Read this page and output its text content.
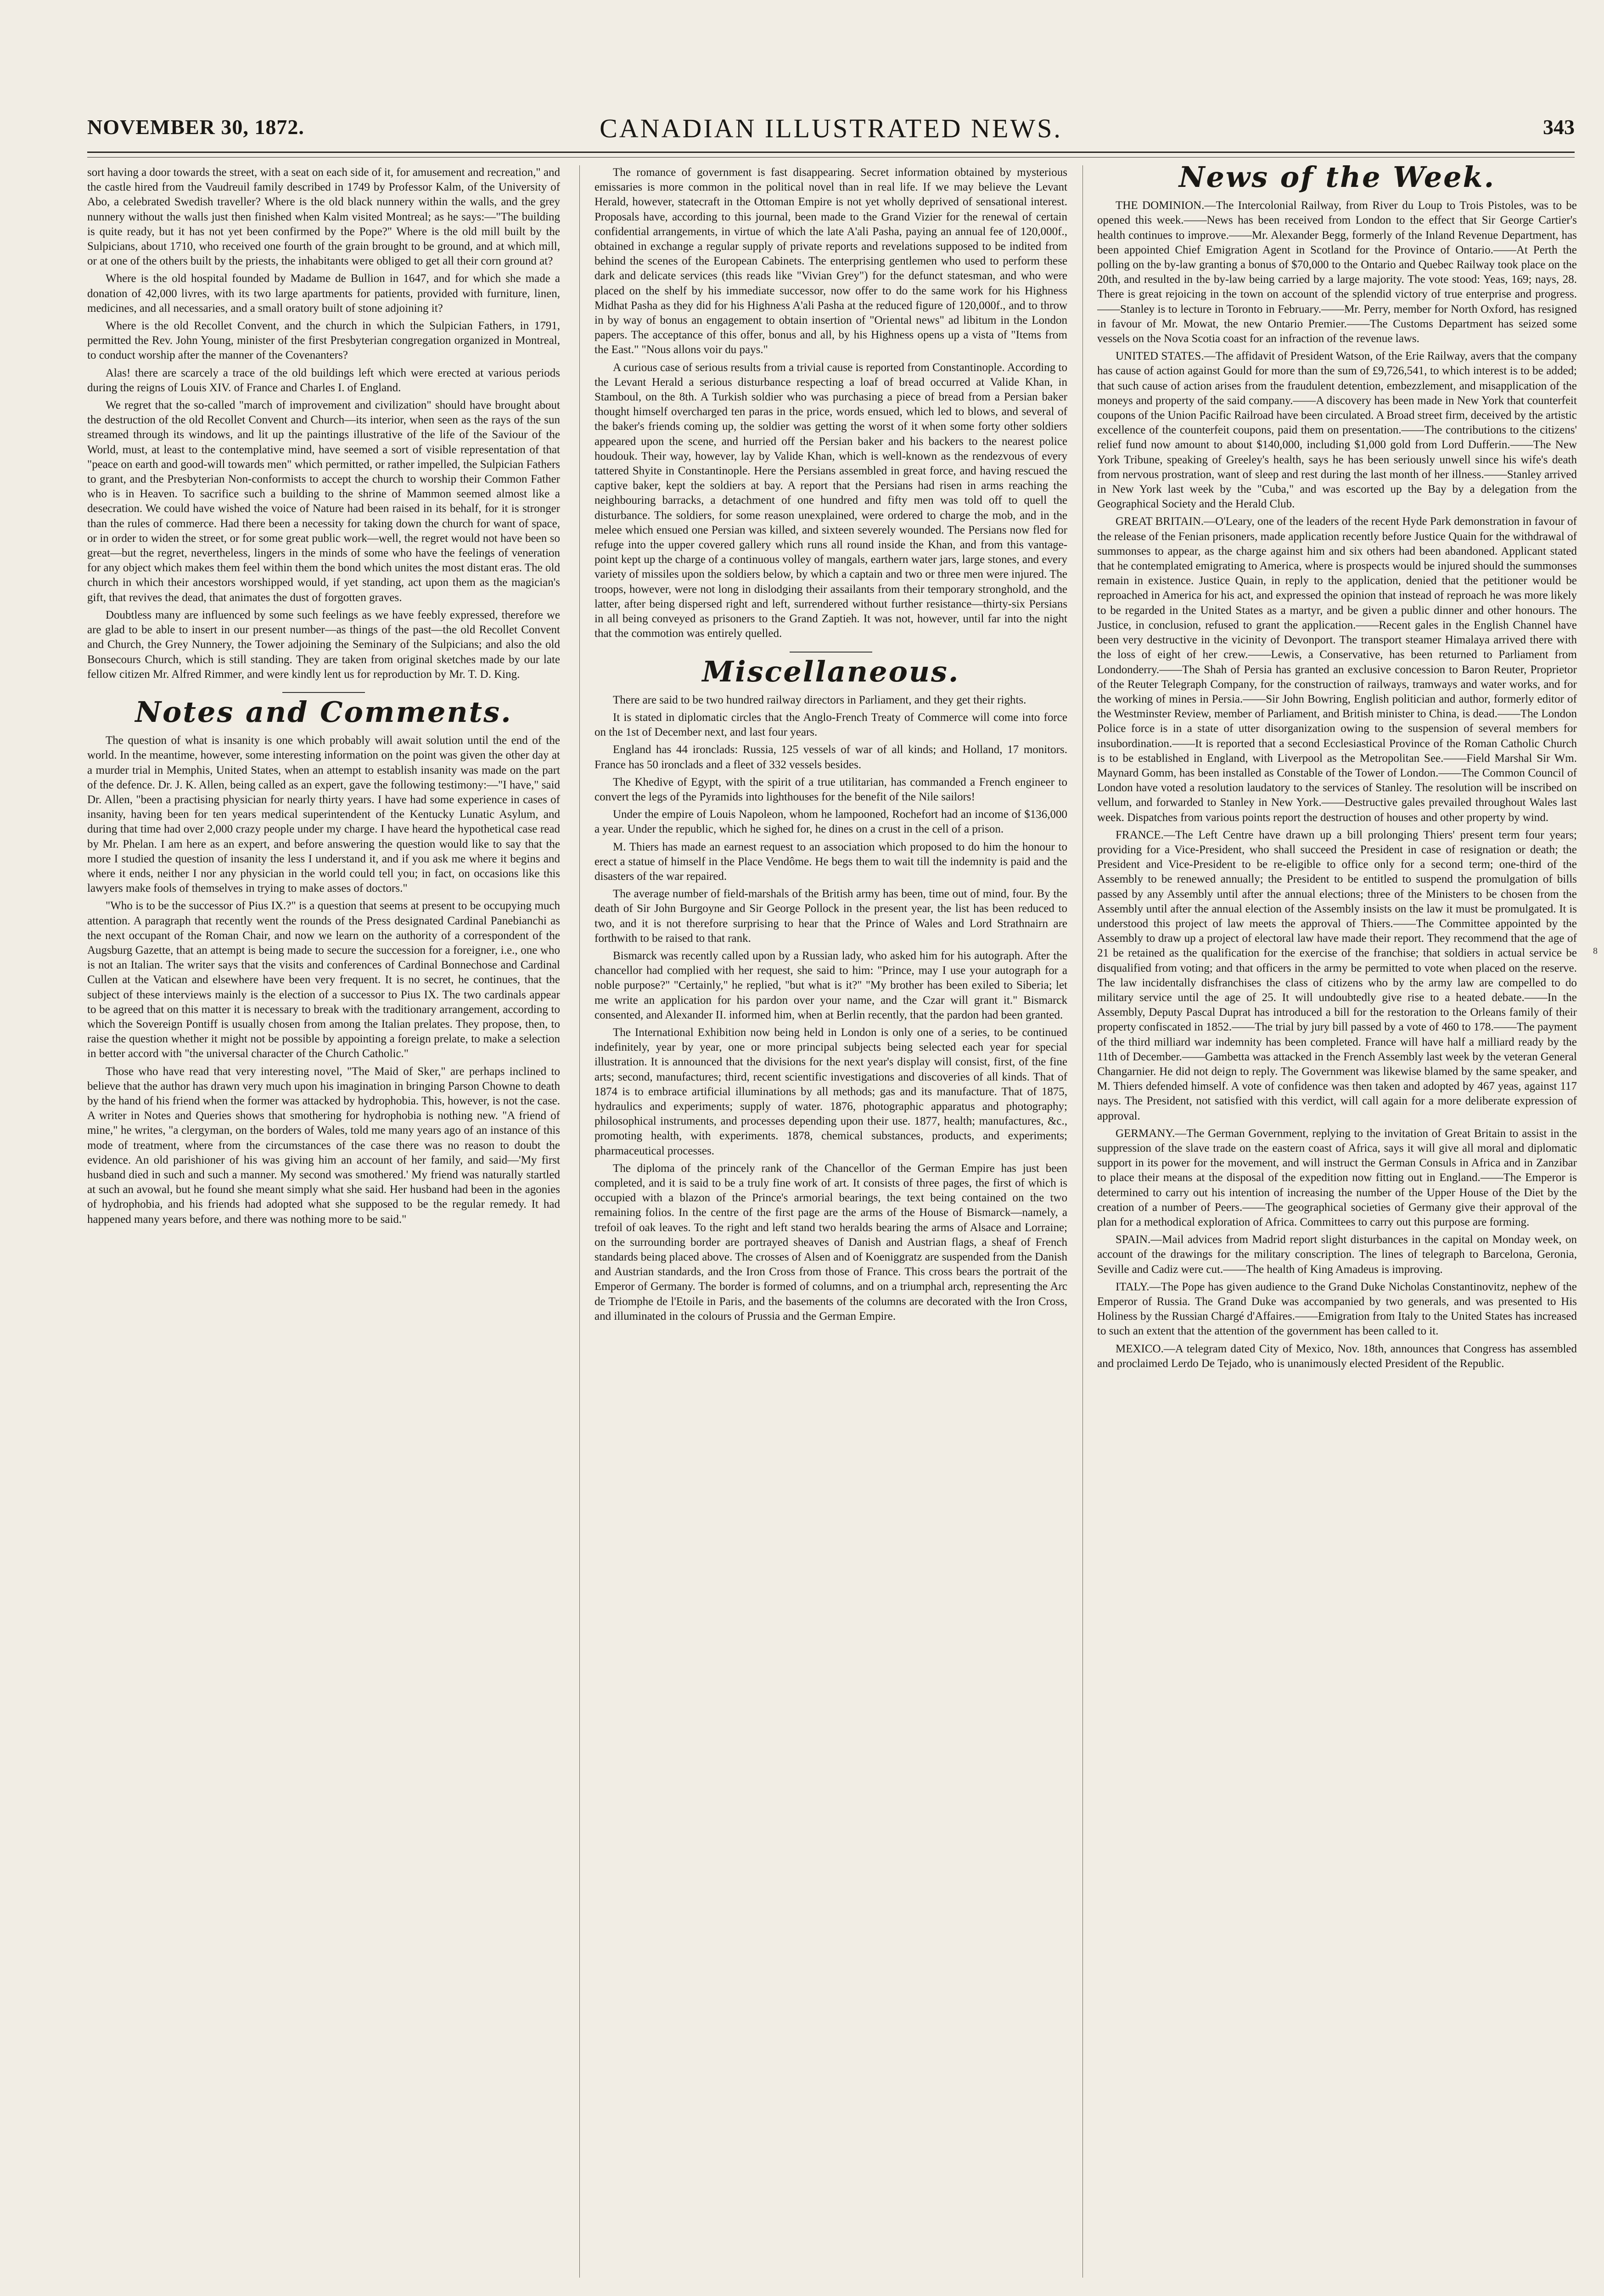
NOVEMBER 30, 1872.	CANADIAN ILLUSTRATED NEWS.	343

sort having a door towards the street, with a seat on each side of it, for amusement and recreation," and the castle hired from the Vaudreuil family described in 1749 by Professor Kalm, of the University of Abo, a celebrated Swedish traveller? Where is the old black nunnery within the walls, and the grey nunnery without the walls just then finished when Kalm visited Montreal; as he says:—"The building is quite ready, but it has not yet been confirmed by the Pope?" Where is the old mill built by the Sulpicians, about 1710, who received one fourth of the grain brought to be ground, and at which mill, or at one of the others built by the priests, the inhabitants were obliged to get all their corn ground at?

Where is the old hospital founded by Madame de Bullion in 1647, and for which she made a donation of 42,000 livres, with its two large apartments for patients, provided with furniture, linen, medicines, and all necessaries, and a small oratory built of stone adjoining it?

Where is the old Recollet Convent, and the church in which the Sulpician Fathers, in 1791, permitted the Rev. John Young, minister of the first Presbyterian congregation organized in Montreal, to conduct worship after the manner of the Covenanters?

Alas! there are scarcely a trace of the old buildings left which were erected at various periods during the reigns of Louis XIV. of France and Charles I. of England.

We regret that the so-called "march of improvement and civilization" should have brought about the destruction of the old Recollet Convent and Church—its interior, when seen as the rays of the sun streamed through its windows, and lit up the paintings illustrative of the life of the Saviour of the World, must, at least to the contemplative mind, have seemed a sort of visible representation of that "peace on earth and good-will towards men" which permitted, or rather impelled, the Sulpician Fathers to grant, and the Presbyterian Non-conformists to accept the church to worship their Common Father who is in Heaven. To sacrifice such a building to the shrine of Mammon seemed almost like a desecration. We could have wished the voice of Nature had been raised in its behalf, for it is stronger than the rules of commerce. Had there been a necessity for taking down the church for want of space, or in order to widen the street, or for some great public work—well, the regret would not have been so great—but the regret, nevertheless, lingers in the minds of some who have the feelings of veneration for any object which makes them feel within them the bond which unites the most distant eras. The old church in which their ancestors worshipped would, if yet standing, act upon them as the magician's gift, that revives the dead, that animates the dust of forgotten graves.

Doubtless many are influenced by some such feelings as we have feebly expressed, therefore we are glad to be able to insert in our present number—as things of the past—the old Recollet Convent and Church, the Grey Nunnery, the Tower adjoining the Seminary of the Sulpicians; and also the old Bonsecours Church, which is still standing. They are taken from original sketches made by our late fellow citizen Mr. Alfred Rimmer, and were kindly lent us for reproduction by Mr. T. D. King.

Notes and Comments.

The question of what is insanity is one which probably will await solution until the end of the world. In the meantime, however, some interesting information on the point was given the other day at a murder trial in Memphis, United States, when an attempt to establish insanity was made on the part of the defence. Dr. J. K. Allen, being called as an expert, gave the following testimony:—"I have," said Dr. Allen, "been a practising physician for nearly thirty years. I have had some experience in cases of insanity, having been for ten years medical superintendent of the Kentucky Lunatic Asylum, and during that time had over 2,000 crazy people under my charge. I have heard the hypothetical case read by Mr. Phelan. I am here as an expert, and before answering the question would like to say that the more I studied the question of insanity the less I understand it, and if you ask me where it begins and where it ends, neither I nor any physician in the world could tell you; in fact, on occasions like this lawyers make fools of themselves in trying to make asses of doctors."

"Who is to be the successor of Pius IX.?" is a question that seems at present to be occupying much attention. A paragraph that recently went the rounds of the Press designated Cardinal Panebianchi as the next occupant of the Roman Chair, and now we learn on the authority of a correspondent of the Augsburg Gazette, that an attempt is being made to secure the succession for a foreigner, i.e., one who is not an Italian. The writer says that the visits and conferences of Cardinal Bonnechose and Cardinal Cullen at the Vatican and elsewhere have been very frequent. It is no secret, he continues, that the subject of these interviews mainly is the election of a successor to Pius IX. The two cardinals appear to be agreed that on this matter it is necessary to break with the traditionary arrangement, according to which the Sovereign Pontiff is usually chosen from among the Italian prelates. They propose, then, to raise the question whether it might not be possible by appointing a foreign prelate, to make a selection in better accord with "the universal character of the Church Catholic."

Those who have read that very interesting novel, "The Maid of Sker," are perhaps inclined to believe that the author has drawn very much upon his imagination in bringing Parson Chowne to death by the hand of his friend when the former was attacked by hydrophobia. This, however, is not the case. A writer in Notes and Queries shows that smothering for hydrophobia is nothing new. "A friend of mine," he writes, "a clergyman, on the borders of Wales, told me many years ago of an instance of this mode of treatment, where from the circumstances of the case there was no reason to doubt the evidence. An old parishioner of his was giving him an account of her family, and said—'My first husband died in such and such a manner. My second was smothered.' My friend was naturally startled at such an avowal, but he found she meant simply what she said. Her husband had been in the agonies of hydrophobia, and his friends had adopted what she supposed to be the regular remedy. It had happened many years before, and there was nothing more to be said."

The romance of government is fast disappearing. Secret information obtained by mysterious emissaries is more common in the political novel than in real life. If we may believe the Levant Herald, however, statecraft in the Ottoman Empire is not yet wholly deprived of sensational interest. Proposals have, according to this journal, been made to the Grand Vizier for the renewal of certain confidential arrangements, in virtue of which the late A'ali Pasha, paying an annual fee of 120,000f., obtained in exchange a regular supply of private reports and revelations supposed to be indited from behind the scenes of the European Cabinets. The enterprising gentlemen who used to perform these dark and delicate services (this reads like "Vivian Grey") for the defunct statesman, and who were placed on the shelf by his immediate successor, now offer to do the same work for his Highness Midhat Pasha as they did for his Highness A'ali Pasha at the reduced figure of 120,000f., and to throw in by way of bonus an engagement to obtain insertion of "Oriental news" ad libitum in the London papers. The acceptance of this offer, bonus and all, by his Highness opens up a vista of "Items from the East." "Nous allons voir du pays."

A curious case of serious results from a trivial cause is reported from Constantinople. According to the Levant Herald a serious disturbance respecting a loaf of bread occurred at Valide Khan, in Stamboul, on the 8th. A Turkish soldier who was purchasing a piece of bread from a Persian baker thought himself overcharged ten paras in the price, words ensued, which led to blows, and several of the baker's friends coming up, the soldier was getting the worst of it when some forty other soldiers appeared upon the scene, and hurried off the Persian baker and his backers to the nearest police houdouk. Their way, however, lay by Valide Khan, which is well-known as the rendezvous of every tattered Shyite in Constantinople. Here the Persians assembled in great force, and having rescued the captive baker, kept the soldiers at bay. A report that the Persians had risen in arms reaching the neighbouring barracks, a detachment of one hundred and fifty men was told off to quell the disturbance. The soldiers, for some reason unexplained, were ordered to charge the mob, and in the melee which ensued one Persian was killed, and sixteen severely wounded. The Persians now fled for refuge into the upper covered gallery which runs all round inside the Khan, and from this vantage-point kept up the charge of a continuous volley of mangals, earthern water jars, large stones, and every variety of missiles upon the soldiers below, by which a captain and two or three men were injured. The troops, however, were not long in dislodging their assailants from their temporary stronghold, and the latter, after being dispersed right and left, surrendered without further resistance—thirty-six Persians in all being conveyed as prisoners to the Grand Zaptieh. It was not, however, until far into the night that the commotion was entirely quelled.

Miscellaneous.

There are said to be two hundred railway directors in Parliament, and they get their rights.

It is stated in diplomatic circles that the Anglo-French Treaty of Commerce will come into force on the 1st of December next, and last four years.

England has 44 ironclads: Russia, 125 vessels of war of all kinds; and Holland, 17 monitors. France has 50 ironclads and a fleet of 332 vessels besides.

The Khedive of Egypt, with the spirit of a true utilitarian, has commanded a French engineer to convert the legs of the Pyramids into lighthouses for the benefit of the Nile sailors!

Under the empire of Louis Napoleon, whom he lampooned, Rochefort had an income of $136,000 a year. Under the republic, which he sighed for, he dines on a crust in the cell of a prison.

M. Thiers has made an earnest request to an association which proposed to do him the honour to erect a statue of himself in the Place Vendôme. He begs them to wait till the indemnity is paid and the disasters of the war repaired.

The average number of field-marshals of the British army has been, time out of mind, four. By the death of Sir John Burgoyne and Sir George Pollock in the present year, the list has been reduced to two, and it is not therefore surprising to hear that the Prince of Wales and Lord Strathnairn are forthwith to be raised to that rank.

Bismarck was recently called upon by a Russian lady, who asked him for his autograph. After the chancellor had complied with her request, she said to him: "Prince, may I use your autograph for a noble purpose?" "Certainly," he replied, "but what is it?" "My brother has been exiled to Siberia; let me write an application for his pardon over your name, and the Czar will grant it." Bismarck consented, and Alexander II. informed him, when at Berlin recently, that the pardon had been granted.

The International Exhibition now being held in London is only one of a series, to be continued indefinitely, year by year, one or more principal subjects being selected each year for special illustration. It is announced that the divisions for the next year's display will consist, first, of the fine arts; second, manufactures; third, recent scientific investigations and discoveries of all kinds. That of 1874 is to embrace artificial illuminations by all methods; gas and its manufacture. That of 1875, hydraulics and experiments; supply of water. 1876, photographic apparatus and photography; philosophical instruments, and processes depending upon their use. 1877, health; manufactures, &c., promoting health, with experiments. 1878, chemical substances, products, and experiments; pharmaceutical processes.

The diploma of the princely rank of the Chancellor of the German Empire has just been completed, and it is said to be a truly fine work of art. It consists of three pages, the first of which is occupied with a blazon of the Prince's armorial bearings, the text being contained on the two remaining folios. In the centre of the first page are the arms of the House of Bismarck—namely, a trefoil of oak leaves. To the right and left stand two heralds bearing the arms of Alsace and Lorraine; on the surrounding border are portrayed sheaves of Danish and Austrian flags, a sheaf of French standards being placed above. The crosses of Alsen and of Koeniggratz are suspended from the Danish and Austrian standards, and the Iron Cross from those of France. This cross bears the portrait of the Emperor of Germany. The border is formed of columns, and on a triumphal arch, representing the Arc de Triomphe de l'Etoile in Paris, and the basements of the columns are decorated with the Iron Cross, and illuminated in the colours of Prussia and the German Empire.

News of the Week.

THE DOMINION.—The Intercolonial Railway, from River du Loup to Trois Pistoles, was to be opened this week.——News has been received from London to the effect that Sir George Cartier's health continues to improve.——Mr. Alexander Begg, formerly of the Inland Revenue Department, has been appointed Chief Emigration Agent in Scotland for the Province of Ontario.——At Perth the polling on the by-law granting a bonus of $70,000 to the Ontario and Quebec Railway took place on the 20th, and resulted in the by-law being carried by a large majority. The vote stood: Yeas, 169; nays, 28. There is great rejoicing in the town on account of the splendid victory of true enterprise and progress.——Stanley is to lecture in Toronto in February.——Mr. Perry, member for North Oxford, has resigned in favour of Mr. Mowat, the new Ontario Premier.——The Customs Department has seized some vessels on the Nova Scotia coast for an infraction of the revenue laws.

UNITED STATES.—The affidavit of President Watson, of the Erie Railway, avers that the company has cause of action against Gould for more than the sum of £9,726,541, to which interest is to be added; that such cause of action arises from the fraudulent detention, embezzlement, and misapplication of the moneys and property of the said company.——A discovery has been made in New York that counterfeit coupons of the Union Pacific Railroad have been circulated. A Broad street firm, deceived by the artistic excellence of the counterfeit coupons, paid them on presentation.——The contributions to the citizens' relief fund now amount to about $140,000, including $1,000 gold from Lord Dufferin.——The New York Tribune, speaking of Greeley's health, says he has been seriously unwell since his wife's death from nervous prostration, want of sleep and rest during the last month of her illness.——Stanley arrived in New York last week by the "Cuba," and was escorted up the Bay by a delegation from the Geographical Society and the Herald Club.

GREAT BRITAIN.—O'Leary, one of the leaders of the recent Hyde Park demonstration in favour of the release of the Fenian prisoners, made application recently before Justice Quain for the withdrawal of summonses to appear, as the charge against him and six others had been abandoned. Applicant stated that he contemplated emigrating to America, where is prospects would be injured should the summonses remain in existence. Justice Quain, in reply to the application, denied that the petitioner would be reproached in America for his act, and expressed the opinion that instead of reproach he was more likely to be regarded in the United States as a martyr, and be given a public dinner and other honours. The Justice, in conclusion, refused to grant the application.——Recent gales in the English Channel have been very destructive in the vicinity of Devonport. The transport steamer Himalaya arrived there with the loss of eight of her crew.——Lewis, a Conservative, has been returned to Parliament from Londonderry.——The Shah of Persia has granted an exclusive concession to Baron Reuter, Proprietor of the Reuter Telegraph Company, for the construction of railways, tramways and water works, and for the working of mines in Persia.——Sir John Bowring, English politician and author, formerly editor of the Westminster Review, member of Parliament, and British minister to China, is dead.——The London Police force is in a state of utter disorganization owing to the suspension of several members for insubordination.——It is reported that a second Ecclesiastical Province of the Roman Catholic Church is to be established in England, with Liverpool as the Metropolitan See.——Field Marshal Sir Wm. Maynard Gomm, has been installed as Constable of the Tower of London.——The Common Council of London have voted a resolution laudatory to the services of Stanley. The resolution will be inscribed on vellum, and forwarded to Stanley in New York.——Destructive gales prevailed throughout Wales last week. Dispatches from various points report the destruction of houses and other property by wind.

FRANCE.—The Left Centre have drawn up a bill prolonging Thiers' present term four years; providing for a Vice-President, who shall succeed the President in case of resignation or death; the President and Vice-President to be re-eligible to office only for a second term; one-third of the Assembly to be renewed annually; the President to be entitled to suspend the promulgation of bills passed by any Assembly until after the annual elections; three of the Ministers to be chosen from the Assembly until after the annual election of the Assembly insists on the law it must be promulgated. It is understood this project of law meets the approval of Thiers.——The Committee appointed by the Assembly to draw up a project of electoral law have made their report. They recommend that the age of 21 be retained as the qualification for the exercise of the franchise; that soldiers in actual service be disqualified from voting; and that officers in the army be permitted to vote when placed on the reserve. The law incidentally disfranchises the class of citizens who by the army law are compelled to do military service until the age of 25. It will undoubtedly give rise to a heated debate.——In the Assembly, Deputy Pascal Duprat has introduced a bill for the restoration to the Orleans family of their property confiscated in 1852.——The trial by jury bill passed by a vote of 460 to 178.——The payment of the third milliard war indemnity has been completed. France will have half a milliard ready by the 11th of December.——Gambetta was attacked in the French Assembly last week by the veteran General Changarnier. He did not deign to reply. The Government was likewise blamed by the same speaker, and M. Thiers defended himself. A vote of confidence was then taken and adopted by 467 yeas, against 117 nays. The President, not satisfied with this verdict, will call again for a more deliberate expression of approval.

GERMANY.—The German Government, replying to the invitation of Great Britain to assist in the suppression of the slave trade on the eastern coast of Africa, says it will give all moral and diplomatic support in its power for the movement, and will instruct the German Consuls in Africa and in Zanzibar to place their means at the disposal of the expedition now fitting out in England.——The Emperor is determined to carry out his intention of increasing the number of the Upper House of the Diet by the creation of a number of Peers.——The geographical societies of Germany give their approval of the plan for a methodical exploration of Africa. Committees to carry out this purpose are forming.

SPAIN.—Mail advices from Madrid report slight disturbances in the capital on Monday week, on account of the drawings for the military conscription. The lines of telegraph to Barcelona, Geronia, Seville and Cadiz were cut.——The health of King Amadeus is improving.

ITALY.—The Pope has given audience to the Grand Duke Nicholas Constantinovitz, nephew of the Emperor of Russia. The Grand Duke was accompanied by two generals, and was presented to His Holiness by the Russian Chargé d'Affaires.——Emigration from Italy to the United States has increased to such an extent that the attention of the government has been called to it.

MEXICO.—A telegram dated City of Mexico, Nov. 18th, announces that Congress has assembled and proclaimed Lerdo De Tejado, who is unanimously elected President of the Republic.

8
